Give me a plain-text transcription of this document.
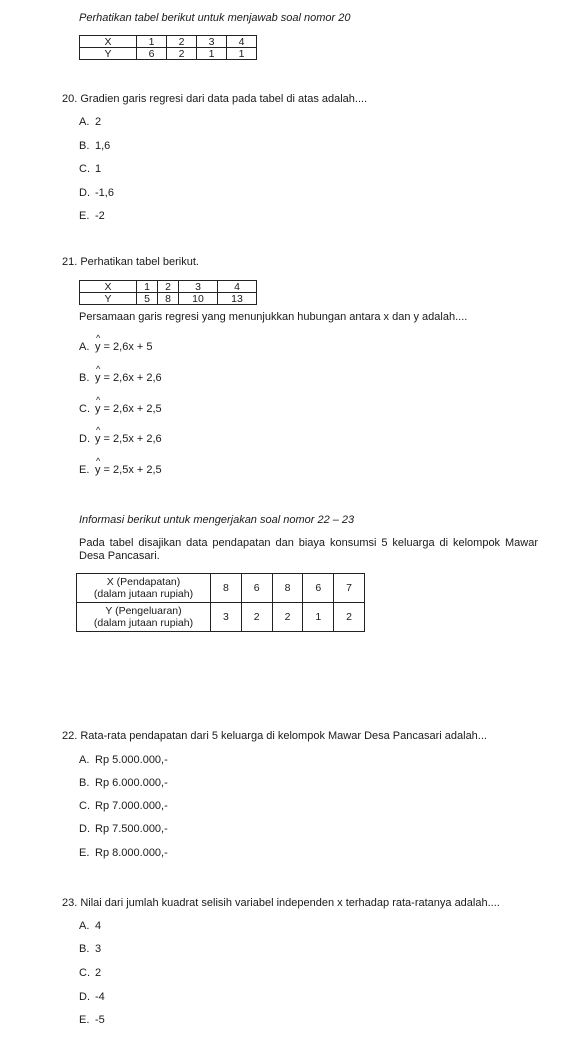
Perhatikan tabel berikut untuk menjawab soal nomor 20
X	1	2	3	4
Y	6	2	1	1
20. Gradien garis regresi dari data pada tabel di atas adalah....
A. 2
B. 1,6
C. 1
D. -1,6
E. -2
21. Perhatikan tabel berikut.
X	1	2	3	4
Y	5	8	10	13
Persamaan garis regresi yang menunjukkan hubungan antara x dan y adalah....
A. y = 2,6x + 5
^
B. y = 2,6x + 2,6
^
C. y = 2,6x + 2,5
^
D. y = 2,5x + 2,6
^
E. y = 2,5x + 2,5
^
Informasi berikut untuk mengerjakan soal nomor 22 – 23
Pada tabel disajikan data pendapatan dan biaya konsumsi 5 keluarga di kelompok Mawar Desa Pancasari.
X (Pendapatan)
(dalam jutaan rupiah)	8	6	8	6	7

Y (Pengeluaran)
(dalam jutaan rupiah)	3	2	2	1	2
22. Rata-rata pendapatan dari 5 keluarga di kelompok Mawar Desa Pancasari adalah...
A. Rp 5.000.000,-
B. Rp 6.000.000,-
C. Rp 7.000.000,-
D. Rp 7.500.000,-
E. Rp 8.000.000,-
23. Nilai dari jumlah kuadrat selisih variabel independen x terhadap rata-ratanya adalah....
A. 4
B. 3
C. 2
D. -4
E. -5
